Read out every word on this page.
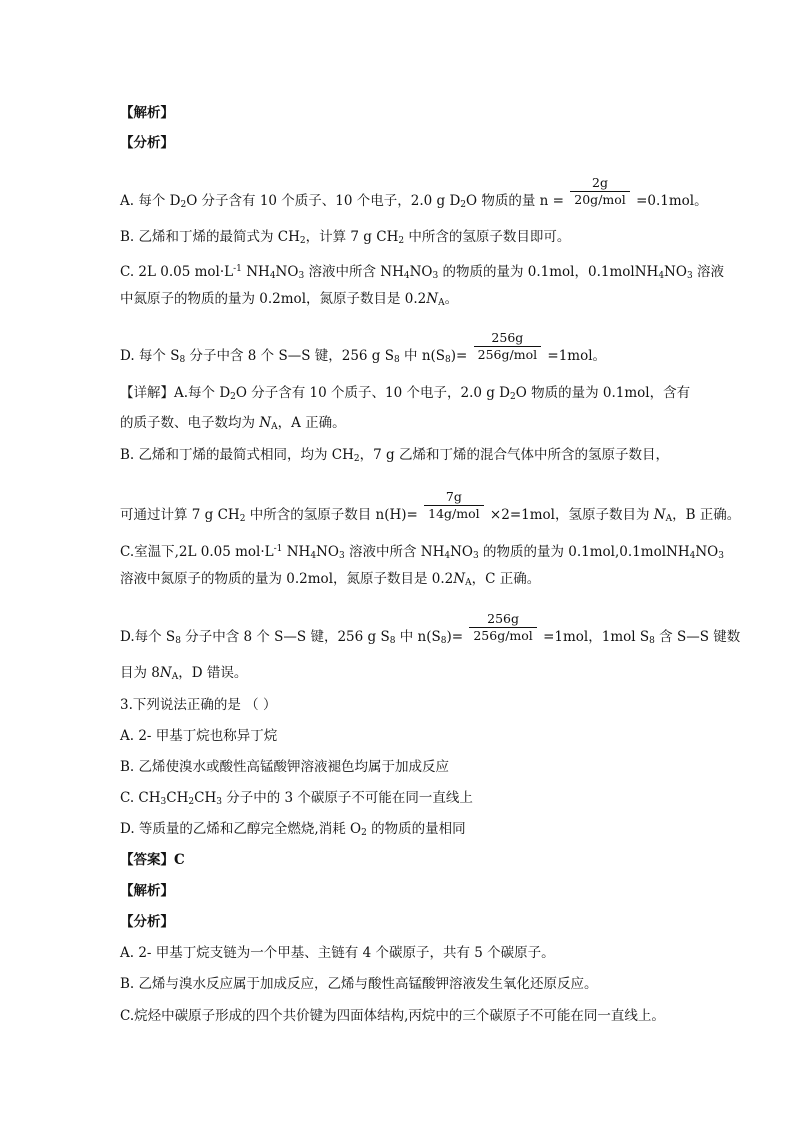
【解析】
【分析】
A. 每个 $D_2O$ 分子含有 10 个质子、10 个电子，2.0 g $D_2O$ 物质的量 $n = \frac{2g}{\text{20g/mol}} =0.1mol$。
B. 乙烯和丁烯的最简式为 $CH_2$，计算 7 g $CH_2$ 中所含的氢原子数目即可。
C. 2L 0.05 $mol\cdot L^{-1}$ $NH_4NO_3$ 溶液中所含 $NH_4NO_3$ 的物质的量为 0.1mol，$0.1molNH_4NO_3$ 溶液
中氮原子的物质的量为 0.2mol，氮原子数目是 $0.2N_A$。
D. 每个 $S_8$ 分子中含 8 个 S—S 键，256 g $S_8$ 中 $n(S_8)= \frac{256g}{\text{256g/mol}} =1mol$。
【详解】A.每个 $D_2O$ 分子含有 10 个质子、10 个电子，2.0 g $D_2O$ 物质的量为 0.1mol，含有
的质子数、电子数均为 $N_A$，A 正确。
B. 乙烯和丁烯的最简式相同，均为 $CH_2$，7 g 乙烯和丁烯的混合气体中所含的氢原子数目，
可通过计算 7 g $CH_2$ 中所含的氢原子数目 $n(H)= \frac{7g}{\text{14g/mol}} \times 2=1mol$，氢原子数目为 $N_A$，B 正确。
C.室温下,2L 0.05 $mol\cdot L^{-1}$ $NH_4NO_3$ 溶液中所含 $NH_4NO_3$ 的物质的量为 $0.1mol,0.1molNH_4NO_3$
溶液中氮原子的物质的量为 0.2mol，氮原子数目是 $0.2N_A$，C 正确。
D.每个 $S_8$ 分子中含 8 个 S—S 键，256 g $S_8$ 中 $n(S_8)= \frac{256g}{\text{256g/mol}} =1mol$，1mol $S_8$ 含 S—S 键数
目为 $8N_A$，D 错误。
3.下列说法正确的是 （ ）
A. 2- 甲基丁烷也称异丁烷
B. 乙烯使溴水或酸性高锰酸钾溶液褪色均属于加成反应
C. $CH_3CH_2CH_3$ 分子中的 3 个碳原子不可能在同一直线上
D. 等质量的乙烯和乙醇完全燃烧,消耗 $O_2$ 的物质的量相同
【答案】C
【解析】
【分析】
A. 2- 甲基丁烷支链为一个甲基、主链有 4 个碳原子，共有 5 个碳原子。
B. 乙烯与溴水反应属于加成反应，乙烯与酸性高锰酸钾溶液发生氧化还原反应。
C.烷烃中碳原子形成的四个共价键为四面体结构,丙烷中的三个碳原子不可能在同一直线上。
